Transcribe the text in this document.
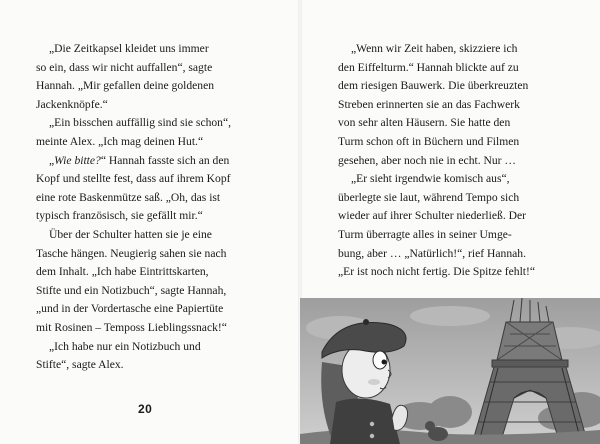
„Die Zeitkapsel kleidet uns immer
so ein, dass wir nicht auffallen“, sagte
Hannah. „Mir gefallen deine goldenen
Jackenknöpfe.“
„Ein bisschen auffällig sind sie schon“,
meinte Alex. „Ich mag deinen Hut.“
„Wie bitte?“ Hannah fasste sich an den
Kopf und stellte fest, dass auf ihrem Kopf
eine rote Baskenmütze saß. „Oh, das ist
typisch französisch, sie gefällt mir.“
Über der Schulter hatten sie je eine
Tasche hängen. Neugierig sahen sie nach
dem Inhalt. „Ich habe Eintrittskarten,
Stifte und ein Notizbuch“, sagte Hannah,
„und in der Vordertasche eine Papiertüte
mit Rosinen – Temposs Lieblingssnack!“
„Ich habe nur ein Notizbuch und
Stifte“, sagte Alex.
20
„Wenn wir Zeit haben, skizziere ich
den Eiffelturm.“ Hannah blickte auf zu
dem riesigen Bauwerk. Die überkreuzten
Streben erinnerten sie an das Fachwerk
von sehr alten Häusern. Sie hatte den
Turm schon oft in Büchern und Filmen
gesehen, aber noch nie in echt. Nur …
„Er sieht irgendwie komisch aus“,
überlegte sie laut, während Tempo sich
wieder auf ihrer Schulter niederließ. Der
Turm überragte alles in seiner Umge-
bung, aber … „Natürlich!“, rief Hannah.
„Er ist noch nicht fertig. Die Spitze fehlt!“
